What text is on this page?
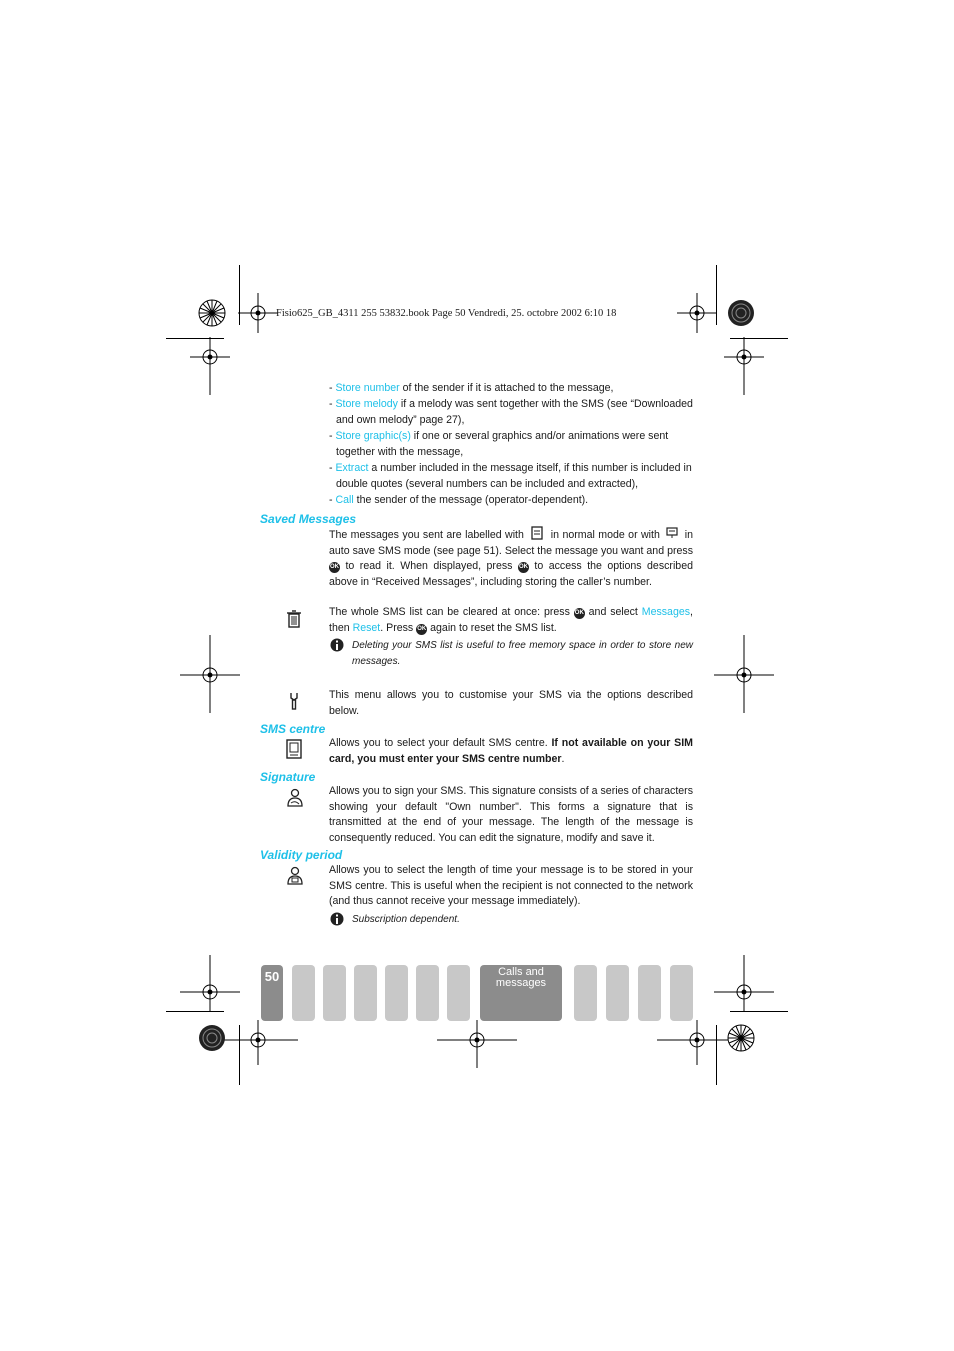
Fisio625_GB_4311 255 53832.book Page 50 Vendredi, 25. octobre 2002 6:10 18
- Store number of the sender if it is attached to the message,
- Store melody if a melody was sent together with the SMS (see “Downloaded
and own melody” page 27),
- Store graphic(s) if one or several graphics and/or animations were sent
together with the message,
- Extract a number included in the message itself, if this number is included in
double quotes (several numbers can be included and extracted),
- Call the sender of the message (operator-dependent).
Saved Messages
The messages you sent are labelled with	in normal mode or with in auto save SMS mode (see page 51). Select the message you want and press OK to read it. When displayed, press OK to access the options described above in “Received Messages”, including storing the caller’s number.
The whole SMS list can be cleared at once: press OK and select Messages, then Reset. Press OK again to reset the SMS list.
Deleting your SMS list is useful to free memory space in order to store new messages.
This menu allows you to customise your SMS via the options described below.
SMS centre
Allows you to select your default SMS centre. If not available on your SIM card, you must enter your SMS centre number.
Signature
Allows you to sign your SMS. This signature consists of a series of characters showing your default "Own number". This forms a signature that is transmitted at the end of your message. The length of the message is consequently reduced. You can edit the signature, modify and save it.
Validity period
Allows you to select the length of time your message is to be stored in your SMS centre. This is useful when the recipient is not connected to the network (and thus cannot receive your message immediately).
Subscription dependent.
50	Calls and
messages
